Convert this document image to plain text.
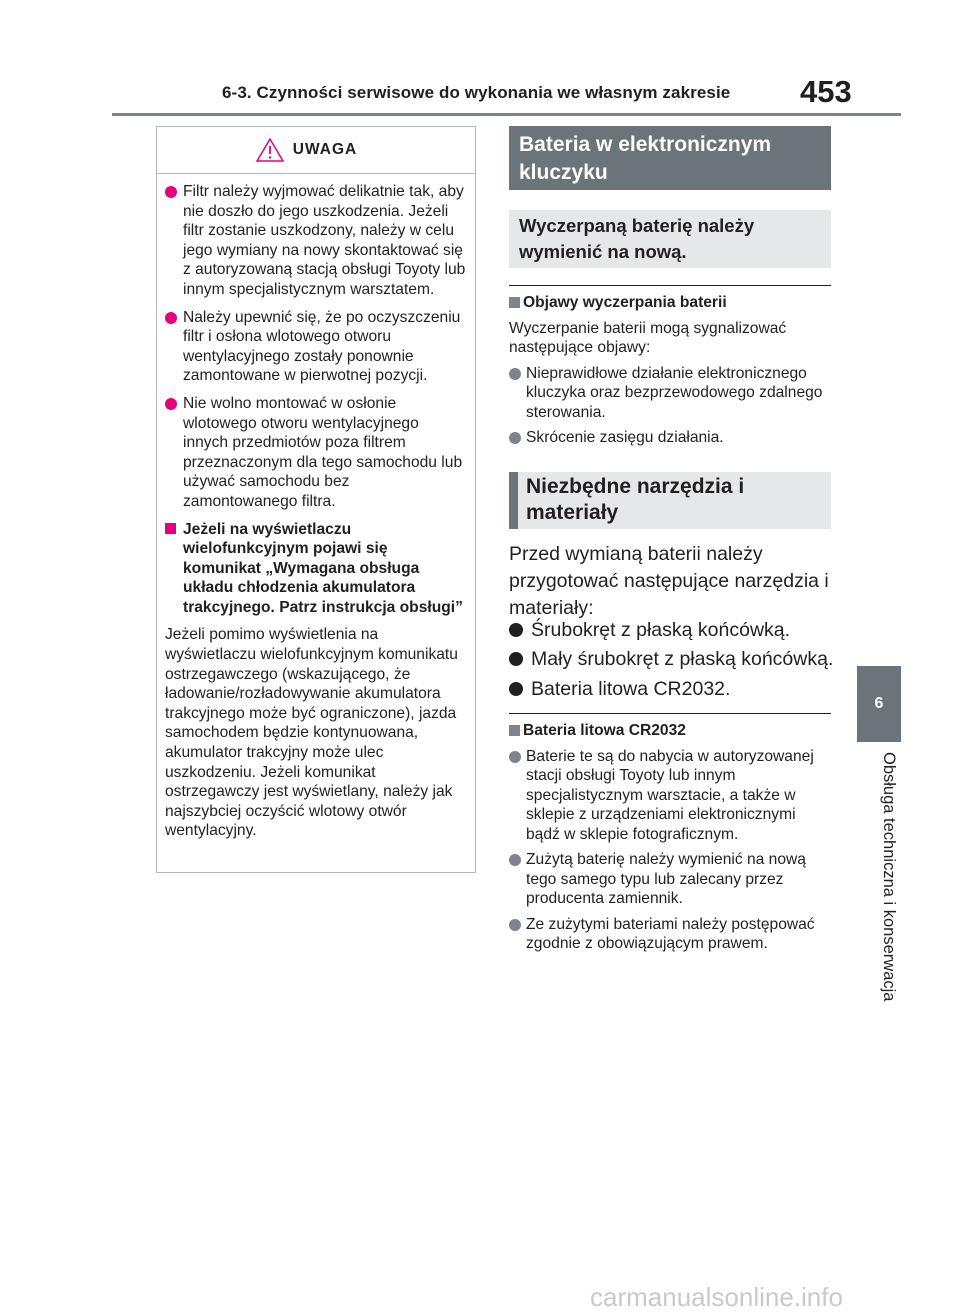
6-3. Czynności serwisowe do wykonania we własnym zakresie 453
6
Obsługa techniczna i konserwacja
UWAGA
Filtr należy wyjmować delikatnie tak, aby nie doszło do jego uszkodzenia. Jeżeli filtr zostanie uszkodzony, należy w celu jego wymiany na nowy skontaktować się z autoryzowaną stacją obsługi Toyoty lub innym specjalistycznym warsztatem.
Należy upewnić się, że po oczyszczeniu filtr i osłona wlotowego otworu wentylacyjnego zostały ponownie zamontowane w pierwotnej pozycji.
Nie wolno montować w osłonie wlotowego otworu wentylacyjnego innych przedmiotów poza filtrem przeznaczonym dla tego samochodu lub używać samochodu bez zamontowanego filtra.
Jeżeli na wyświetlaczu wielofunkcyjnym pojawi się komunikat „Wymagana obsługa układu chłodzenia akumulatora trakcyjnego. Patrz instrukcja obsługi”
Jeżeli pomimo wyświetlenia na wyświetlaczu wielofunkcyjnym komunikatu ostrzegawczego (wskazującego, że ładowanie/rozładowywanie akumulatora trakcyjnego może być ograniczone), jazda samochodem będzie kontynuowana, akumulator trakcyjny może ulec uszkodzeniu. Jeżeli komunikat ostrzegawczy jest wyświetlany, należy jak najszybciej oczyścić wlotowy otwór wentylacyjny.
Bateria w elektronicznym kluczyku
Wyczerpaną baterię należy wymienić na nową.
Objawy wyczerpania baterii
Wyczerpanie baterii mogą sygnalizować następujące objawy:
Nieprawidłowe działanie elektronicznego kluczyka oraz bezprzewodowego zdalnego sterowania.
Skrócenie zasięgu działania.
Niezbędne narzędzia i materiały
Przed wymianą baterii należy przygotować następujące narzędzia i materiały:
Śrubokręt z płaską końcówką.
Mały śrubokręt z płaską końcówką.
Bateria litowa CR2032.
Bateria litowa CR2032
Baterie te są do nabycia w autoryzowanej stacji obsługi Toyoty lub innym specjalistycznym warsztacie, a także w sklepie z urządzeniami elektronicznymi bądź w sklepie fotograficznym.
Zużytą baterię należy wymienić na nową tego samego typu lub zalecany przez producenta zamiennik.
Ze zużytymi bateriami należy postępować zgodnie z obowiązującym prawem.
carmanualsonline.info
